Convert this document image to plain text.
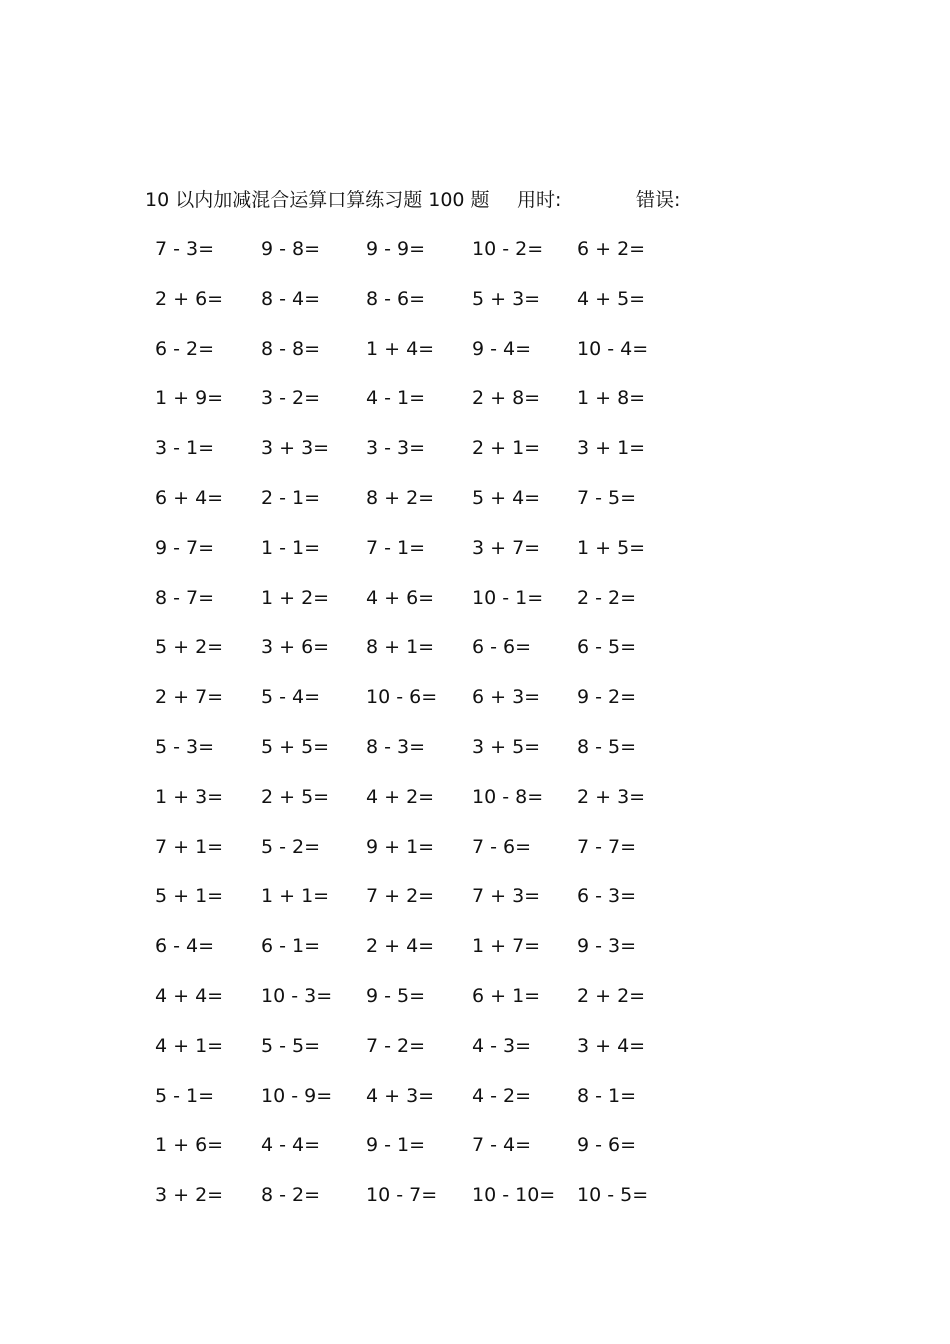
10 以内加减混合运算口算练习题 100 题 用时:	错误:
7 - 3= 9 - 8= 9 - 9= 10 - 2= 6 + 2=
2 + 6= 8 - 4= 8 - 6= 5 + 3= 4 + 5=
6 - 2= 8 - 8= 1 + 4= 9 - 4= 10 - 4=
1 + 9= 3 - 2= 4 - 1= 2 + 8= 1 + 8=
3 - 1= 3 + 3= 3 - 3= 2 + 1= 3 + 1=
6 + 4= 2 - 1= 8 + 2= 5 + 4= 7 - 5=
9 - 7= 1 - 1= 7 - 1= 3 + 7= 1 + 5=
8 - 7= 1 + 2= 4 + 6= 10 - 1= 2 - 2=
5 + 2= 3 + 6= 8 + 1= 6 - 6= 6 - 5=
2 + 7= 5 - 4= 10 - 6= 6 + 3= 9 - 2=
5 - 3= 5 + 5= 8 - 3= 3 + 5= 8 - 5=
1 + 3= 2 + 5= 4 + 2= 10 - 8= 2 + 3=
7 + 1= 5 - 2= 9 + 1= 7 - 6= 7 - 7=
5 + 1= 1 + 1= 7 + 2= 7 + 3= 6 - 3=
6 - 4= 6 - 1= 2 + 4= 1 + 7= 9 - 3=
4 + 4= 10 - 3= 9 - 5= 6 + 1= 2 + 2=
4 + 1= 5 - 5= 7 - 2= 4 - 3= 3 + 4=
5 - 1= 10 - 9= 4 + 3= 4 - 2= 8 - 1=
1 + 6= 4 - 4= 9 - 1= 7 - 4= 9 - 6=
3 + 2= 8 - 2= 10 - 7= 10 - 10= 10 - 5=
